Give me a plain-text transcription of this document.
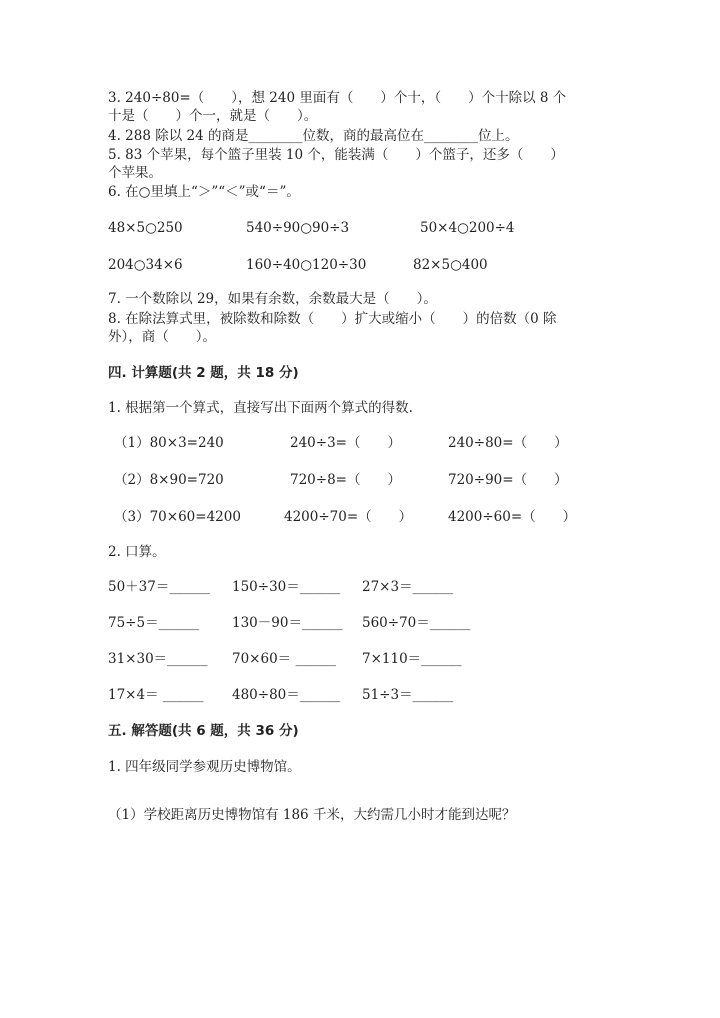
3. 240÷80=（　　），想 240 里面有（　　）个十，（　　）个十除以 8 个
十是（　　）个一，就是（　　）。
4. 288 除以 24 的商是________位数，商的最高位在________位上。
5. 83 个苹果，每个篮子里装 10 个，能装满（　　）个篮子，还多（　　）
个苹果。
6. 在○里填上“＞”“＜”或“＝”。
48×5○250	540÷90○90÷3	50×4○200÷4
204○34×6	160÷40○120÷30	82×5○400
7. 一个数除以 29，如果有余数，余数最大是（　　）。
8. 在除法算式里，被除数和除数（　　）扩大或缩小（　　）的倍数（0 除
外），商（　　）。
四. 计算题(共 2 题，共 18 分)
1. 根据第一个算式，直接写出下面两个算式的得数.
（1）80×3=240	240÷3=（　　）	240÷80=（　　）
（2）8×90=720	720÷8=（　　）	720÷90=（　　）
（3）70×60=4200	4200÷70=（　　）	4200÷60=（　　）
2. 口算。
50＋37＝______ 150÷30＝______ 27×3＝______
75÷5＝______ 130－90＝______ 560÷70＝______
31×30＝______ 70×60＝ ______ 7×110＝______
17×4＝ ______ 480÷80＝______ 51÷3＝______
五. 解答题(共 6 题，共 36 分)
1. 四年级同学参观历史博物馆。
（1）学校距离历史博物馆有 186 千米，大约需几小时才能到达呢？
